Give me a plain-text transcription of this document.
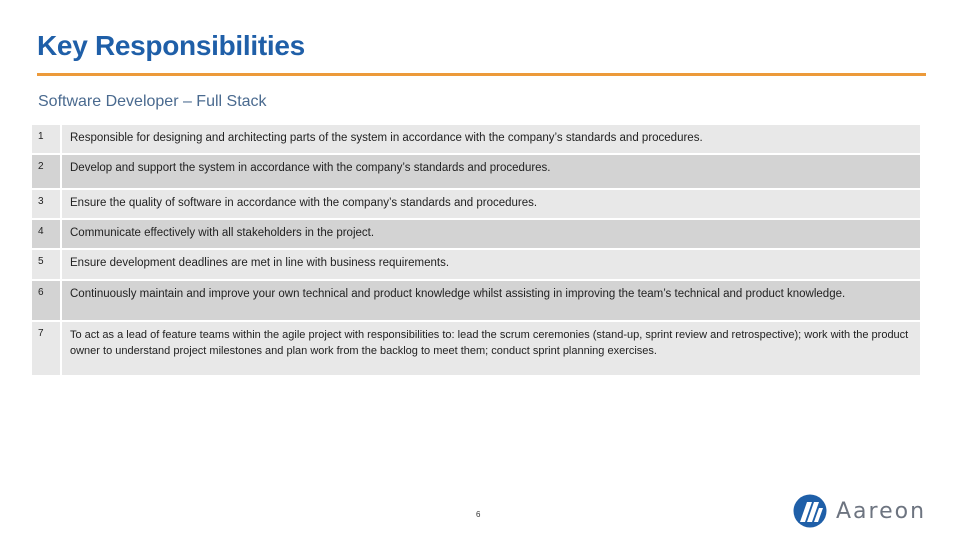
Key Responsibilities
Software Developer – Full Stack
1	Responsible for designing and architecting parts of the system in accordance with the company’s standards and procedures.
2	Develop and support the system in accordance with the company’s standards and procedures.
3	Ensure the quality of software in accordance with the company’s standards and procedures.
4	Communicate effectively with all stakeholders in the project.
5	Ensure development deadlines are met in line with business requirements.
6	Continuously maintain and improve your own technical and product knowledge whilst assisting in improving the team’s technical and product knowledge.
7	To act as a lead of feature teams within the agile project with responsibilities to: lead the scrum ceremonies (stand-up, sprint review and retrospective); work with the product owner to understand project milestones and plan work from the backlog to meet them; conduct sprint planning exercises.
6	Aareon
